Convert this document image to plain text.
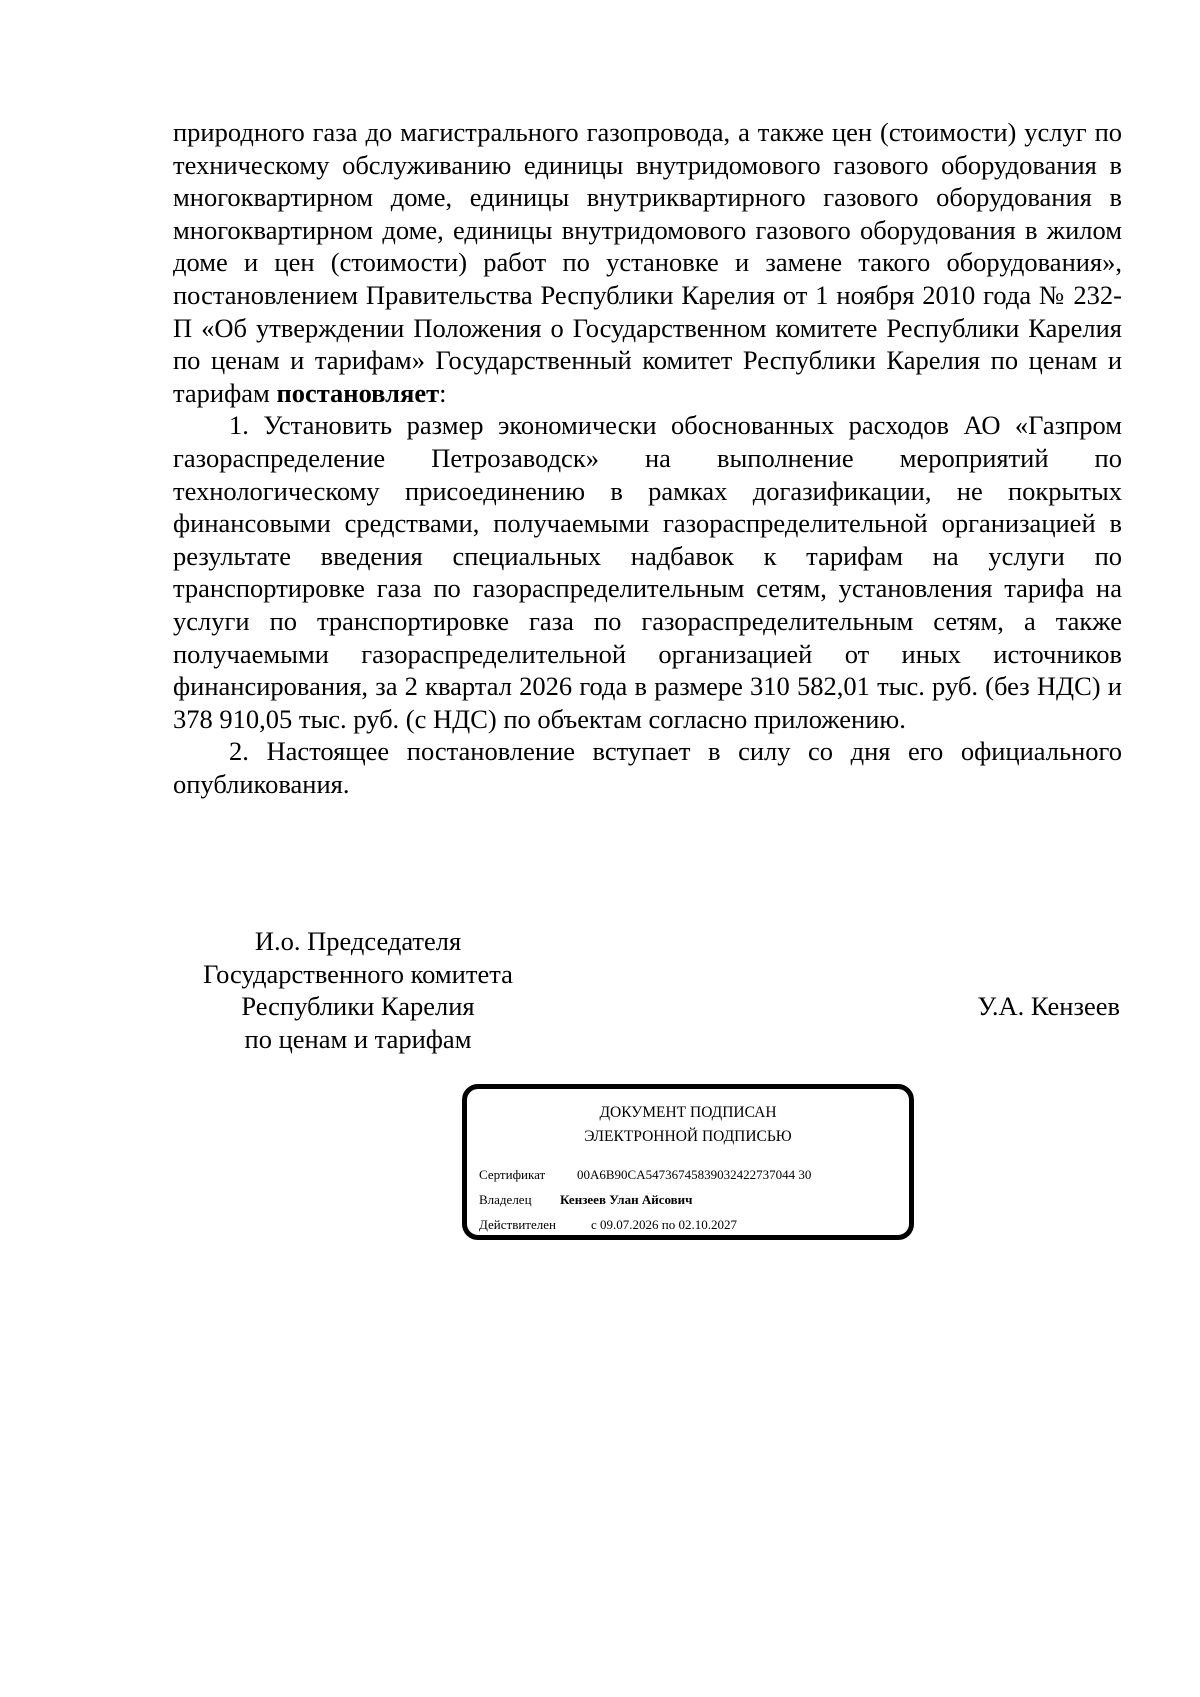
природного газа до магистрального газопровода, а также цен (стоимости) услуг по техническому обслуживанию единицы внутридомового газового оборудования в многоквартирном доме, единицы внутриквартирного газового оборудования в многоквартирном доме, единицы внутридомового газового оборудования в жилом доме и цен (стоимости) работ по установке и замене такого оборудования», постановлением Правительства Республики Карелия от 1 ноября 2010 года № 232-П «Об утверждении Положения о Государственном комитете Республики Карелия по ценам и тарифам» Государственный комитет Республики Карелия по ценам и тарифам постановляет:

1. Установить размер экономически обоснованных расходов АО «Газпром газораспределение Петрозаводск» на выполнение мероприятий по технологическому присоединению в рамках догазификации, не покрытых финансовыми средствами, получаемыми газораспределительной организацией в результате введения специальных надбавок к тарифам на услуги по транспортировке газа по газораспределительным сетям, установления тарифа на услуги по транспортировке газа по газораспределительным сетям, а также получаемыми газораспределительной организацией от иных источников финансирования, за 2 квартал 2026 года в размере 310 582,01 тыс. руб. (без НДС) и 378 910,05 тыс. руб. (с НДС) по объектам согласно приложению.

2. Настоящее постановление вступает в силу со дня его официального опубликования.

И.о. Председателя
Государственного комитета
Республики Карелия
по ценам и тарифам
У.А. Кензеев
ДОКУМЕНТ ПОДПИСАН
ЭЛЕКТРОННОЙ ПОДПИСЬЮ
Сертификат 00A6B90CA54736745839032422737044 30
Владелец Кензеев Улан Айсович
Действителен	с 09.07.2026 по 02.10.2027
